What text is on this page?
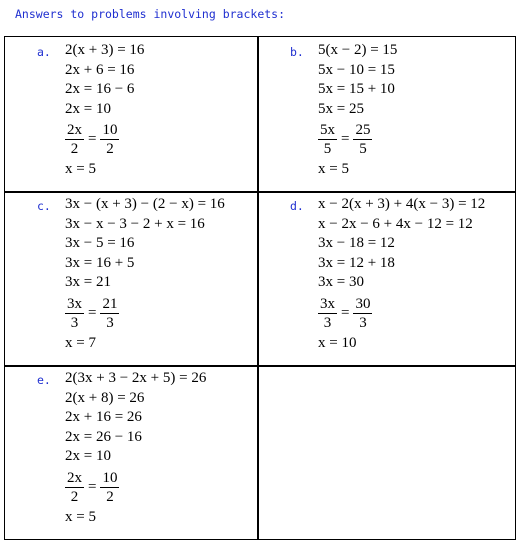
Answers to problems involving brackets:
a. 2(x + 3) = 16
2x + 6 = 16
2x = 16 − 6
2x = 10
$\frac{2x}{2} = \frac{10}{2}$
x = 5
b. 5(x − 2) = 15
5x − 10 = 15
5x = 15 + 10
5x = 25
$\frac{5x}{5} = \frac{25}{5}$
x = 5
c. 3x − (x + 3) − (2 − x) = 16
3x − x − 3 − 2 + x = 16
3x − 5 = 16
3x = 16 + 5
3x = 21
$\frac{3x}{3} = \frac{21}{3}$
x = 7
d. x − 2(x + 3) + 4(x − 3) = 12
x − 2x − 6 + 4x − 12 = 12
3x − 18 = 12
3x = 12 + 18
3x = 30
$\frac{3x}{3} = \frac{30}{3}$
x = 10
e. 2(3x + 3 − 2x + 5) = 26
2(x + 8) = 26
2x + 16 = 26
2x = 26 − 16
2x = 10
$\frac{2x}{2} = \frac{10}{2}$
x = 5
